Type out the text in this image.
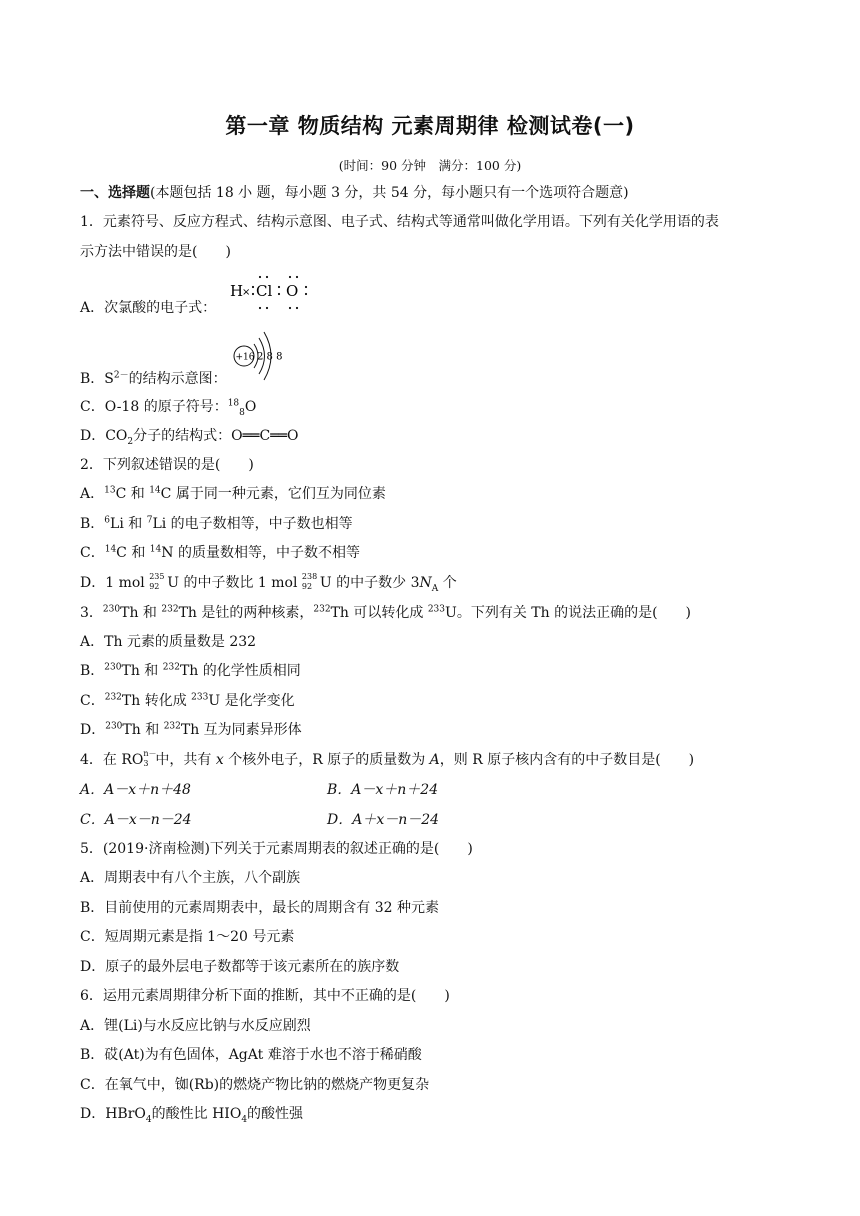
第一章 物质结构 元素周期律 检测试卷(一)
(时间：90 分钟　满分：100 分)
一、选择题(本题包括 18 小 题，每小题 3 分，共 54 分，每小题只有一个选项符合题意)
1．元素符号、反应方程式、结构示意图、电子式、结构式等通常叫做化学用语。下列有关化学用语的表
示方法中错误的是(　　)
A．次氯酸的电子式：
H
× Cl O
B．$S^{2-}$的结构示意图：
+16 2 8 8
C．O-18 的原子符号：$^{18}_8$O
D．$CO_2$分子的结构式：O══C══O
2．下列叙述错误的是(　　)
A．$^{13}$C 和 $^{14}$C 属于同一种元素，它们互为同位素
B．$^6$Li 和 $^7$Li 的电子数相等，中子数也相等
C．$^{14}$C 和 $^{14}$N 的质量数相等，中子数不相等
D．1 mol 235
92 U 的中子数比 1 mol 238
92 U 的中子数少 $3N_A$ 个
3．$^{230}$Th 和 $^{232}$Th 是钍的两种核素，$^{232}$Th 可以转化成 $^{233}$U。下列有关 Th 的说法正确的是(　　)
A．Th 元素的质量数是 232
B．$^{230}$Th 和 $^{232}$Th 的化学性质相同
C．$^{232}$Th 转化成 $^{233}$U 是化学变化
D．$^{230}$Th 和 $^{232}$Th 互为同素异形体
4．在 RO n－
3 中，共有 x 个核外电子，R 原子的质量数为 A，则 R 原子核内含有的中子数目是(　　)
A．A－x＋n＋48	B．A－x＋n＋24
C．A－x－n－24	D．A＋x－n－24
5．(2019·济南检测)下列关于元素周期表的叙述正确的是(　　)
A．周期表中有八个主族，八个副族
B．目前使用的元素周期表中，最长的周期含有 32 种元素
C．短周期元素是指 1～20 号元素
D．原子的最外层电子数都等于该元素所在的族序数
6．运用元素周期律分析下面的推断，其中不正确的是(　　)
A．锂(Li)与水反应比钠与水反应剧烈
B．砹(At)为有色固体，AgAt 难溶于水也不溶于稀硝酸
C．在氧气中，铷(Rb)的燃烧产物比钠的燃烧产物更复杂
D．HBrO$_4$的酸性比 $HIO_4$的酸性强
